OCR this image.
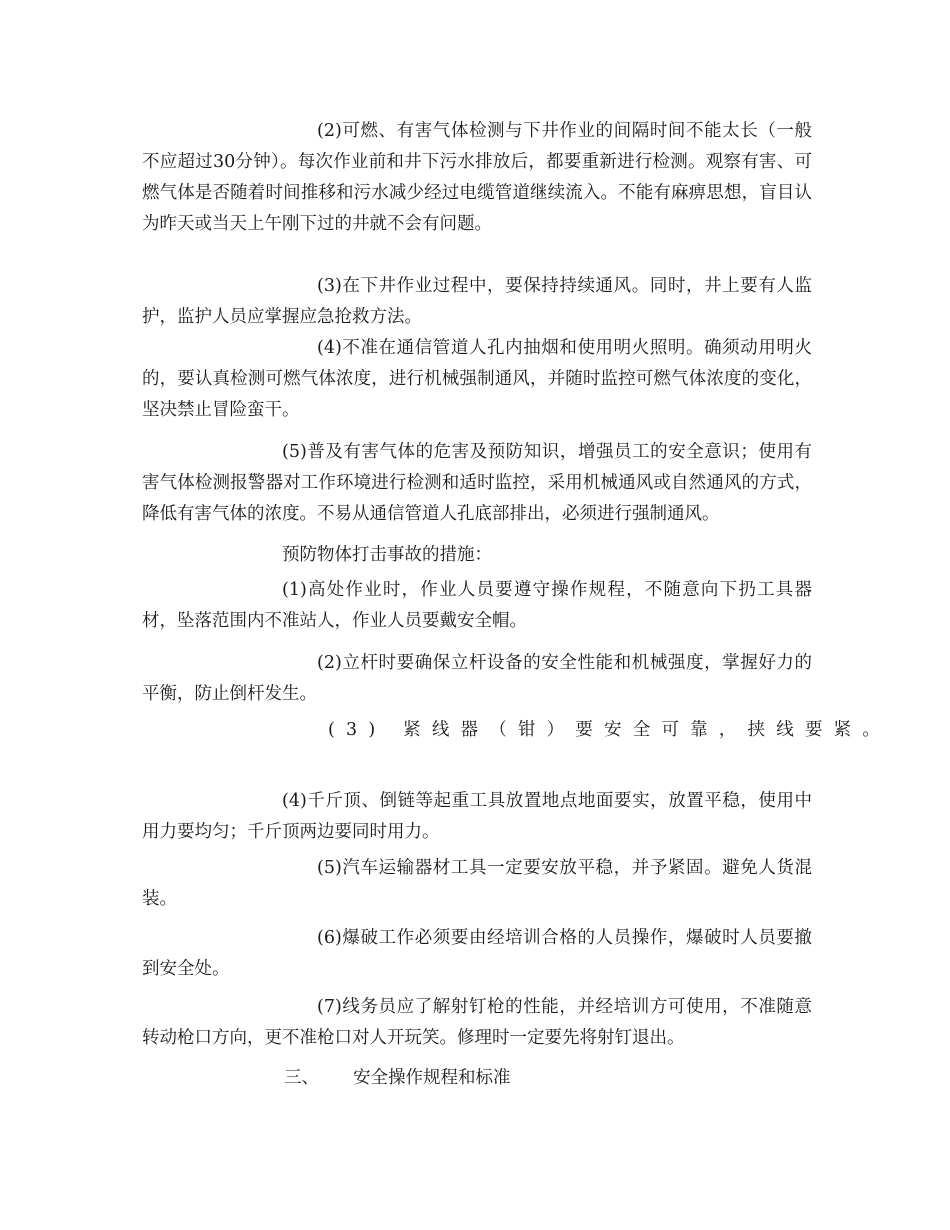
(2)可燃、有害气体检测与下井作业的间隔时间不能太长（一般不应超过30分钟）。每次作业前和井下污水排放后，都要重新进行检测。观察有害、可燃气体是否随着时间推移和污水减少经过电缆管道继续流入。不能有麻痹思想，盲目认为昨天或当天上午刚下过的井就不会有问题。

(3)在下井作业过程中，要保持持续通风。同时，井上要有人监护，监护人员应掌握应急抢救方法。

(4)不准在通信管道人孔内抽烟和使用明火照明。确须动用明火的，要认真检测可燃气体浓度，进行机械强制通风，并随时监控可燃气体浓度的变化，坚决禁止冒险蛮干。

(5)普及有害气体的危害及预防知识，增强员工的安全意识；使用有害气体检测报警器对工作环境进行检测和适时监控，采用机械通风或自然通风的方式，降低有害气体的浓度。不易从通信管道人孔底部排出，必须进行强制通风。

预防物体打击事故的措施：

(1)高处作业时，作业人员要遵守操作规程，不随意向下扔工具器材，坠落范围内不准站人，作业人员要戴安全帽。

(2)立杆时要确保立杆设备的安全性能和机械强度，掌握好力的平衡，防止倒杆发生。

(3) 紧线器（钳）要安全可靠，挟线要紧。

(4)千斤顶、倒链等起重工具放置地点地面要实，放置平稳，使用中用力要均匀；千斤顶两边要同时用力。

(5)汽车运输器材工具一定要安放平稳，并予紧固。避免人货混装。

(6)爆破工作必须要由经培训合格的人员操作，爆破时人员要撤到安全处。

(7)线务员应了解射钉枪的性能，并经培训方可使用，不准随意转动枪口方向，更不准枪口对人开玩笑。修理时一定要先将射钉退出。

三、 安全操作规程和标准
